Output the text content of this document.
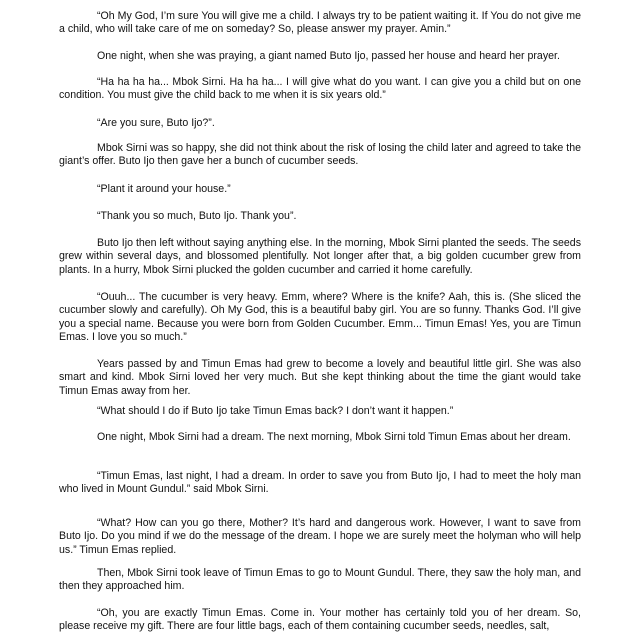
“Oh My God, I’m sure You will give me a child. I always try to be patient waiting it. If You do not give me a child, who will take care of me on someday? So, please answer my prayer. Amin.”

One night, when she was praying, a giant named Buto Ijo, passed her house and heard her prayer.

“Ha ha ha ha... Mbok Sirni. Ha ha ha... I will give what do you want. I can give you a child but on one condition. You must give the child back to me when it is six years old.”

“Are you sure, Buto Ijo?”.

Mbok Sirni was so happy, she did not think about the risk of losing the child later and agreed to take the giant’s offer. Buto Ijo then gave her a bunch of cucumber seeds.

“Plant it around your house.”

“Thank you so much, Buto Ijo. Thank you”.

Buto Ijo then left without saying anything else. In the morning, Mbok Sirni planted the seeds. The seeds grew within several days, and blossomed plentifully. Not longer after that, a big golden cucumber grew from plants. In a hurry, Mbok Sirni plucked the golden cucumber and carried it home carefully.

“Ouuh... The cucumber is very heavy. Emm, where? Where is the knife? Aah, this is. (She sliced the cucumber slowly and carefully). Oh My God, this is a beautiful baby girl. You are so funny. Thanks God. I’ll give you a special name. Because you were born from Golden Cucumber. Emm... Timun Emas! Yes, you are Timun Emas. I love you so much.”

Years passed by and Timun Emas had grew to become a lovely and beautiful little girl. She was also smart and kind. Mbok Sirni loved her very much. But she kept thinking about the time the giant would take Timun Emas away from her.

“What should I do if Buto Ijo take Timun Emas back? I don’t want it happen.”

One night, Mbok Sirni had a dream. The next morning, Mbok Sirni told Timun Emas about her dream.

“Timun Emas, last night, I had a dream. In order to save you from Buto Ijo, I had to meet the holy man who lived in Mount Gundul.” said Mbok Sirni.

“What? How can you go there, Mother? It’s hard and dangerous work. However, I want to save from Buto Ijo. Do you mind if we do the message of the dream. I hope we are surely meet the holyman who will help us.” Timun Emas replied.

Then, Mbok Sirni took leave of Timun Emas to go to Mount Gundul. There, they saw the holy man, and then they approached him.

“Oh, you are exactly Timun Emas. Come in. Your mother has certainly told you of her dream. So, please receive my gift. There are four little bags, each of them containing cucumber seeds, needles, salt,
